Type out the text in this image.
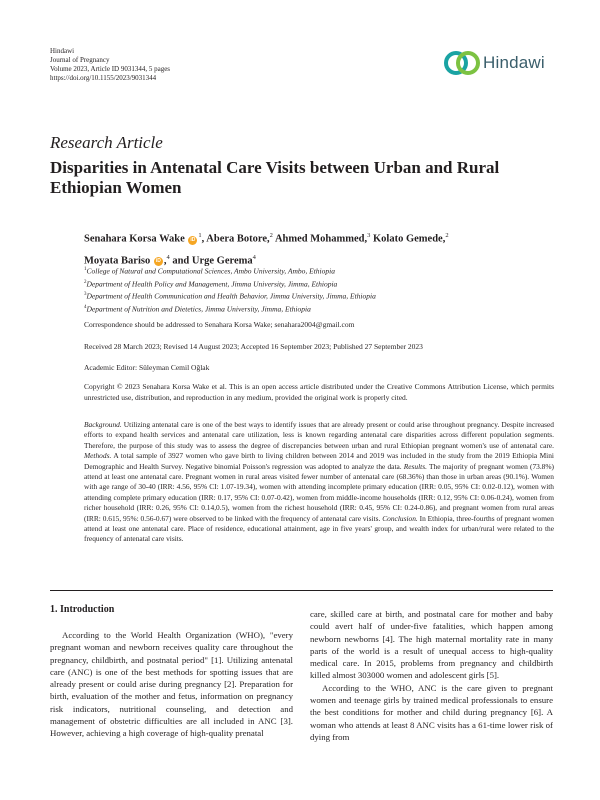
Hindawi
Journal of Pregnancy
Volume 2023, Article ID 9031344, 5 pages
https://doi.org/10.1155/2023/9031344
Hindawi
Research Article
Disparities in Antenatal Care Visits between Urban and Rural Ethiopian Women
Senahara Korsa Wake $iD^1$, Abera Botore,$^2$ Ahmed Mohammed,$^3$ Kolato Gemede,$^2$
Moyata Bariso iD ,$^4$ and Urge Gerema$^4$
$^1$College of Natural and Computational Sciences, Ambo University, Ambo, Ethiopia
$^2$Department of Health Policy and Management, Jimma University, Jimma, Ethiopia
$^3$Department of Health Communication and Health Behavior, Jimma University, Jimma, Ethiopia
$^4$Department of Nutrition and Dietetics, Jimma University, Jimma, Ethiopia
Correspondence should be addressed to Senahara Korsa Wake; senahara2004@gmail.com
Received 28 March 2023; Revised 14 August 2023; Accepted 16 September 2023; Published 27 September 2023
Academic Editor: Süleyman Cemil Oğlak
Copyright © 2023 Senahara Korsa Wake et al. This is an open access article distributed under the Creative Commons Attribution License, which permits unrestricted use, distribution, and reproduction in any medium, provided the original work is properly cited.
Background. Utilizing antenatal care is one of the best ways to identify issues that are already present or could arise throughout pregnancy. Despite increased efforts to expand health services and antenatal care utilization, less is known regarding antenatal care disparities across different population segments. Therefore, the purpose of this study was to assess the degree of discrepancies between urban and rural Ethiopian pregnant women's use of antenatal care. Methods. A total sample of 3927 women who gave birth to living children between 2014 and 2019 was included in the study from the 2019 Ethiopia Mini Demographic and Health Survey. Negative binomial Poisson's regression was adopted to analyze the data. Results. The majority of pregnant women (73.8%) attend at least one antenatal care. Pregnant women in rural areas visited fewer number of antenatal care (68.36%) than those in urban areas (90.1%). Women with age range of 30-40 (IRR: 4.56, 95% CI: 1.07-19.34), women with attending incomplete primary education (IRR: 0.05, 95% CI: 0.02-0.12), women with attending complete primary education (IRR: 0.17, 95% CI: 0.07-0.42), women from middle-income households (IRR: 0.12, 95% CI: 0.06-0.24), women from richer household (IRR: 0.26, 95% CI: 0.14,0.5), women from the richest household (IRR: 0.45, 95% CI: 0.24-0.86), and pregnant women from rural areas (IRR: 0.615, 95%: 0.56-0.67) were observed to be linked with the frequency of antenatal care visits. Conclusion. In Ethiopia, three-fourths of pregnant women attend at least one antenatal care. Place of residence, educational attainment, age in five years' group, and wealth index for urban/rural were related to the frequency of antenatal care visits.
1. Introduction
According to the World Health Organization (WHO), "every pregnant woman and newborn receives quality care throughout the pregnancy, childbirth, and postnatal period" [1]. Utilizing antenatal care (ANC) is one of the best methods for spotting issues that are already present or could arise during pregnancy [2]. Preparation for birth, evaluation of the mother and fetus, information on pregnancy risk indicators, nutritional counseling, and detection and management of obstetric difficulties are all included in ANC [3]. However, achieving a high coverage of high-quality prenatal

care, skilled care at birth, and postnatal care for mother and baby could avert half of under-five fatalities, which happen among newborn newborns [4]. The high maternal mortality rate in many parts of the world is a result of unequal access to high-quality medical care. In 2015, problems from pregnancy and childbirth killed almost 303000 women and adolescent girls [5].

According to the WHO, ANC is the care given to pregnant women and teenage girls by trained medical professionals to ensure the best conditions for mother and child during pregnancy [6]. A woman who attends at least 8 ANC visits has a 61-time lower risk of dying from
